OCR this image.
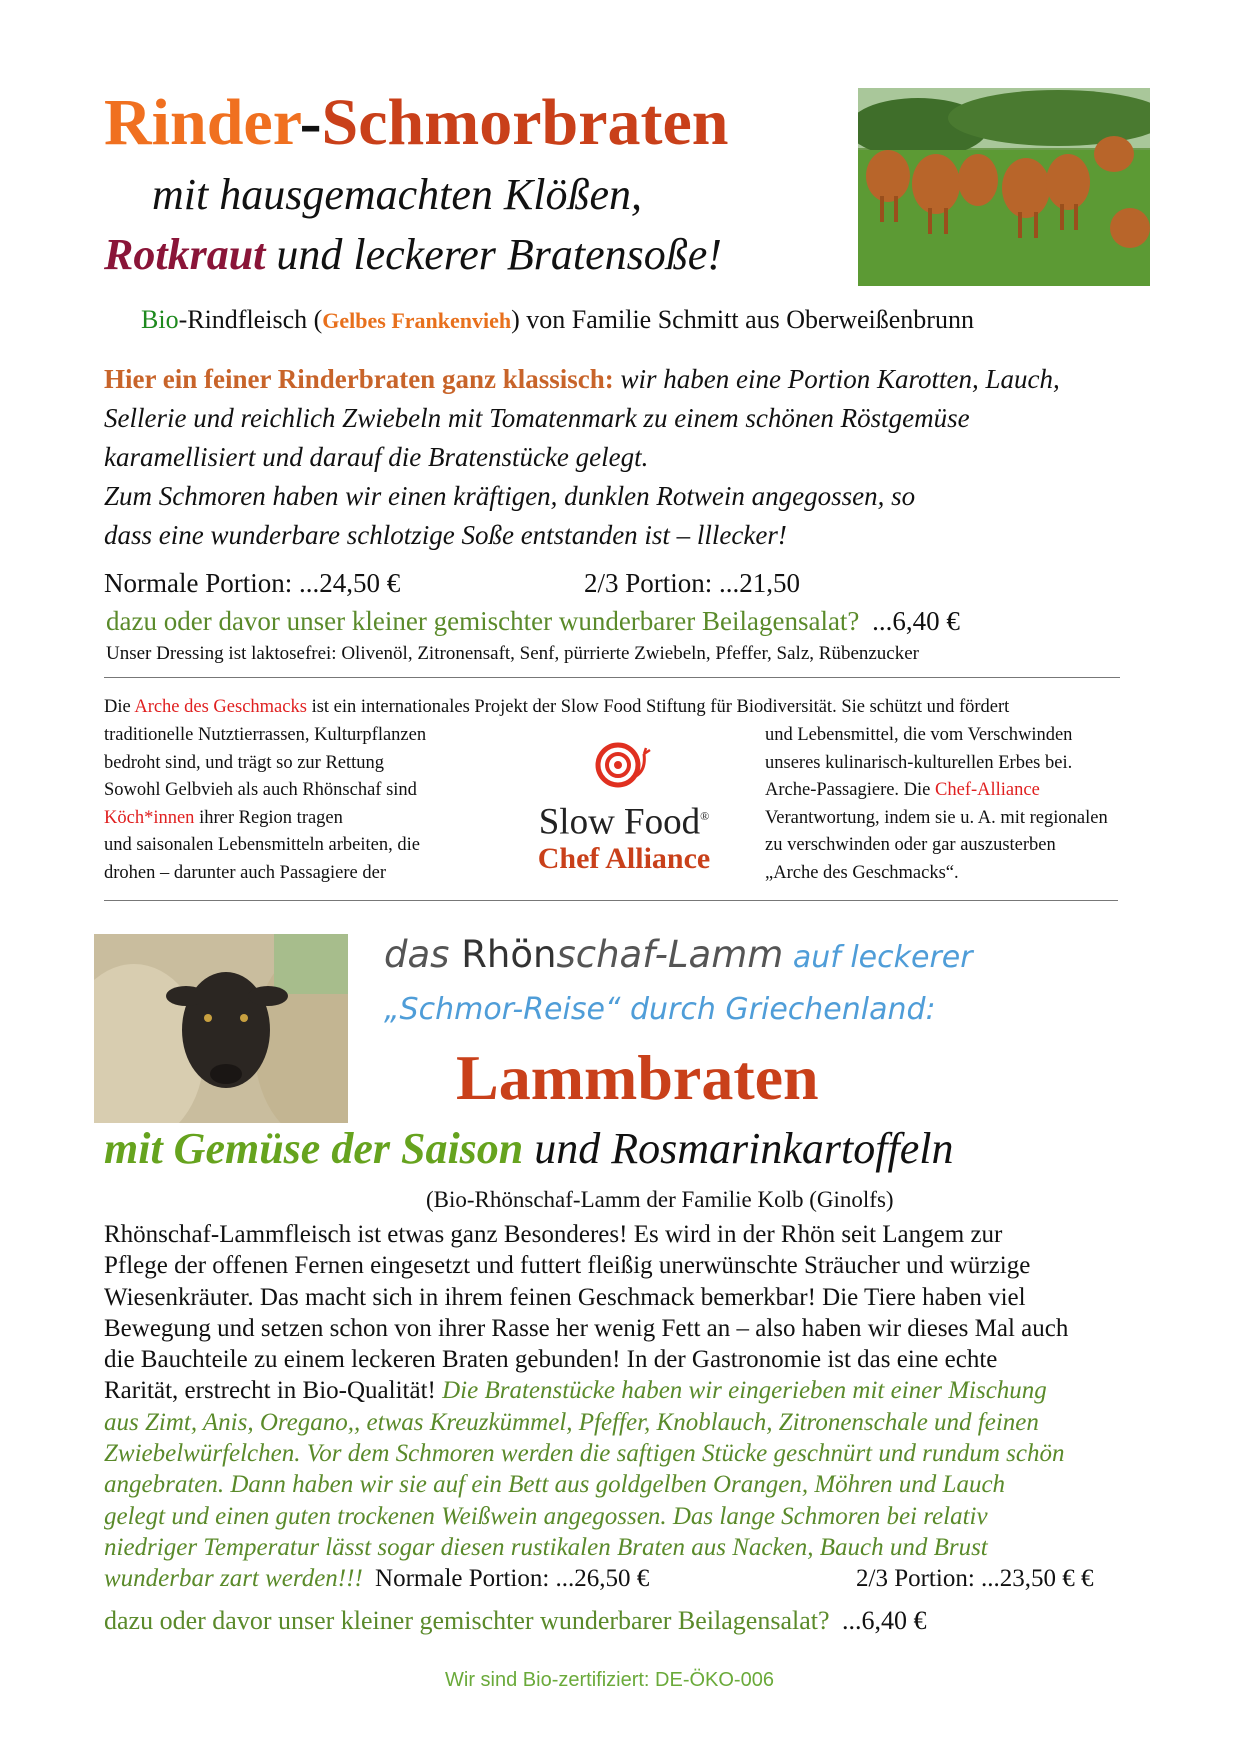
Rinder-Schmorbraten
mit hausgemachten Klößen,
Rotkraut und leckerer Bratensoße!
Bio-Rindfleisch (Gelbes Frankenvieh) von Familie Schmitt aus Oberweißenbrunn

Hier ein feiner Rinderbraten ganz klassisch: wir haben eine Portion Karotten, Lauch,

Sellerie und reichlich Zwiebeln mit Tomatenmark zu einem schönen Röstgemüse

karamellisiert und darauf die Bratenstücke gelegt.

Zum Schmoren haben wir einen kräftigen, dunklen Rotwein angegossen, so

dass eine wunderbare schlotzige Soße entstanden ist – lllecker!

Normale Portion: ...24,50 €	2/3 Portion: ...21,50
dazu oder davor unser kleiner gemischter wunderbarer Beilagensalat? ...6,40 €
Unser Dressing ist laktosefrei: Olivenöl, Zitronensaft, Senf, pürrierte Zwiebeln, Pfeffer, Salz, Rübenzucker
Die Arche des Geschmacks ist ein internationales Projekt der Slow Food Stiftung für Biodiversität. Sie schützt und fördert

traditionelle Nutztierrassen, Kulturpflanzen

bedroht sind, und trägt so zur Rettung

Sowohl Gelbvieh als auch Rhönschaf sind

Köch*innen ihrer Region tragen

und saisonalen Lebensmitteln arbeiten, die

drohen – darunter auch Passagiere der

Slow Food®
Chef Alliance

und Lebensmittel, die vom Verschwinden

unseres kulinarisch-kulturellen Erbes bei.

Arche-Passagiere. Die Chef-Alliance

Verantwortung, indem sie u. A. mit regionalen

zu verschwinden oder gar auszusterben

„Arche des Geschmacks“.

das Rhönschaf-Lamm auf leckerer
„Schmor-Reise“ durch Griechenland:
Lammbraten
mit Gemüse der Saison und Rosmarinkartoffeln
(Bio-Rhönschaf-Lamm der Familie Kolb (Ginolfs)

Rhönschaf-Lammfleisch ist etwas ganz Besonderes! Es wird in der Rhön seit Langem zur

Pflege der offenen Fernen eingesetzt und futtert fleißig unerwünschte Sträucher und würzige

Wiesenkräuter. Das macht sich in ihrem feinen Geschmack bemerkbar! Die Tiere haben viel

Bewegung und setzen schon von ihrer Rasse her wenig Fett an – also haben wir dieses Mal auch

die Bauchteile zu einem leckeren Braten gebunden! In der Gastronomie ist das eine echte

Rarität, erstrecht in Bio-Qualität! Die Bratenstücke haben wir eingerieben mit einer Mischung

aus Zimt, Anis, Oregano,, etwas Kreuzkümmel, Pfeffer, Knoblauch, Zitronenschale und feinen

Zwiebelwürfelchen. Vor dem Schmoren werden die saftigen Stücke geschnürt und rundum schön

angebraten. Dann haben wir sie auf ein Bett aus goldgelben Orangen, Möhren und Lauch

gelegt und einen guten trockenen Weißwein angegossen. Das lange Schmoren bei relativ

niedriger Temperatur lässt sogar diesen rustikalen Braten aus Nacken, Bauch und Brust

wunderbar zart werden!!! Normale Portion: ...26,50 €	2/3 Portion: ...23,50 € €

dazu oder davor unser kleiner gemischter wunderbarer Beilagensalat? ...6,40 €
Wir sind Bio-zertifiziert: DE-ÖKO-006
